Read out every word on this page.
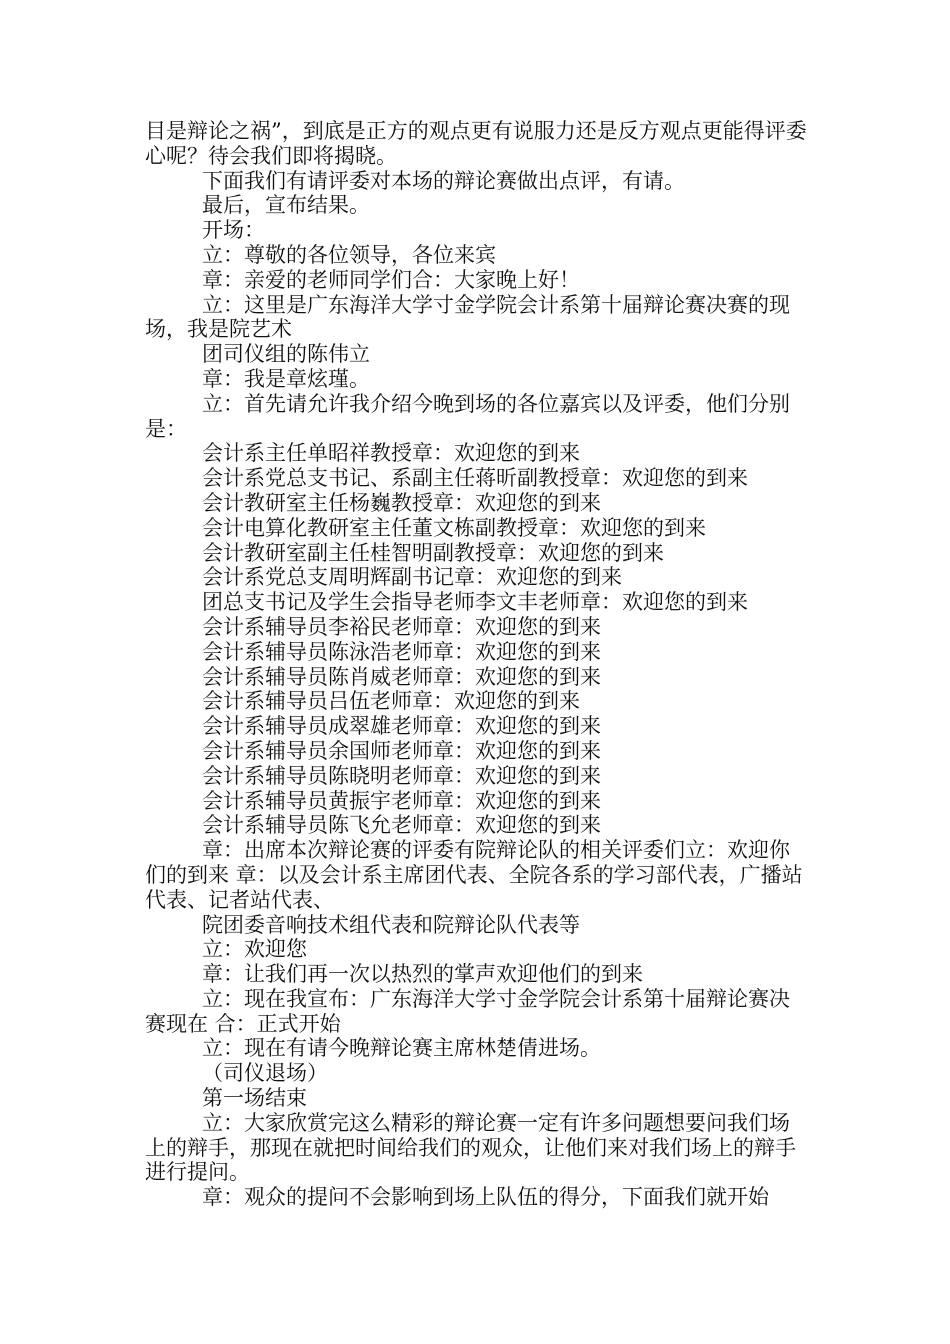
目是辩论之祸”，到底是正方的观点更有说服力还是反方观点更能得评委心呢？待会我们即将揭晓。

下面我们有请评委对本场的辩论赛做出点评，有请。

最后，宣布结果。

开场：

立：尊敬的各位领导，各位来宾

章：亲爱的老师同学们合：大家晚上好！

立：这里是广东海洋大学寸金学院会计系第十届辩论赛决赛的现场，我是院艺术

团司仪组的陈伟立

章：我是章炫瑾。

立：首先请允许我介绍今晚到场的各位嘉宾以及评委，他们分别是：

会计系主任单昭祥教授章：欢迎您的到来

会计系党总支书记、系副主任蒋昕副教授章：欢迎您的到来

会计教研室主任杨巍教授章：欢迎您的到来

会计电算化教研室主任董文栋副教授章：欢迎您的到来

会计教研室副主任桂智明副教授章：欢迎您的到来

会计系党总支周明辉副书记章：欢迎您的到来

团总支书记及学生会指导老师李文丰老师章：欢迎您的到来

会计系辅导员李裕民老师章：欢迎您的到来

会计系辅导员陈泳浩老师章：欢迎您的到来

会计系辅导员陈肖威老师章：欢迎您的到来

会计系辅导员吕伍老师章：欢迎您的到来

会计系辅导员成翠雄老师章：欢迎您的到来

会计系辅导员余国师老师章：欢迎您的到来

会计系辅导员陈晓明老师章：欢迎您的到来

会计系辅导员黄振宇老师章：欢迎您的到来

会计系辅导员陈飞允老师章：欢迎您的到来

章：出席本次辩论赛的评委有院辩论队的相关评委们立：欢迎你们的到来 章：以及会计系主席团代表、全院各系的学习部代表，广播站代表、记者站代表、

院团委音响技术组代表和院辩论队代表等

立：欢迎您

章：让我们再一次以热烈的掌声欢迎他们的到来

立：现在我宣布：广东海洋大学寸金学院会计系第十届辩论赛决赛现在 合：正式开始

立：现在有请今晚辩论赛主席林楚倩进场。

（司仪退场）

第一场结束

立：大家欣赏完这么精彩的辩论赛一定有许多问题想要问我们场上的辩手，那现在就把时间给我们的观众，让他们来对我们场上的辩手进行提问。

章：观众的提问不会影响到场上队伍的得分，下面我们就开始
